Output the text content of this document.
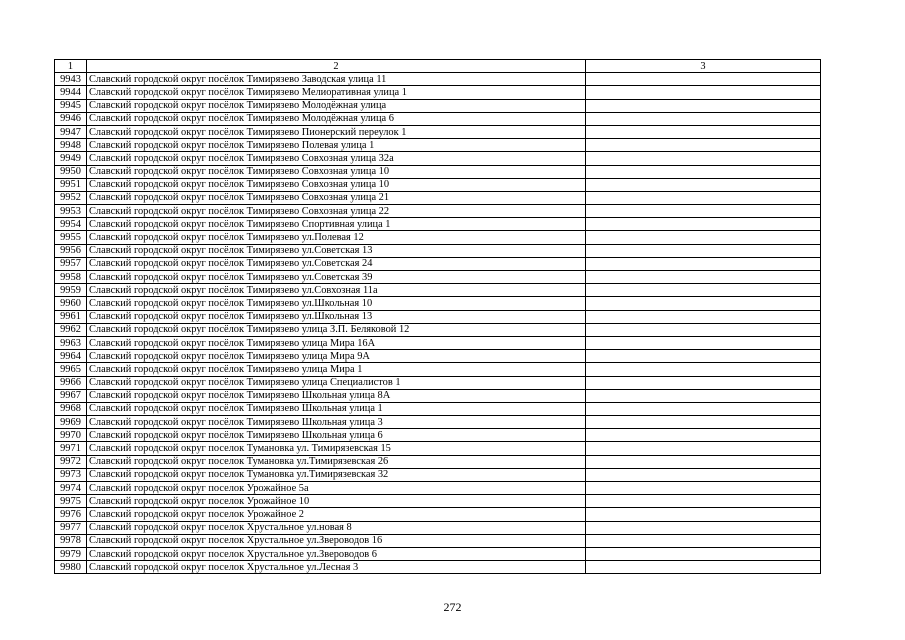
1	2	3
9943	Славский городской округ посёлок Тимирязево Заводская улица 11	
9944	Славский городской округ посёлок Тимирязево Мелиоративная улица 1	
9945	Славский городской округ посёлок Тимирязево Молодёжная улица	
9946	Славский городской округ посёлок Тимирязево Молодёжная улица 6	
9947	Славский городской округ посёлок Тимирязево Пионерский переулок 1	
9948	Славский городской округ посёлок Тимирязево Полевая улица 1	
9949	Славский городской округ посёлок Тимирязево Совхозная улица 32а	
9950	Славский городской округ посёлок Тимирязево Совхозная улица 10	
9951	Славский городской округ посёлок Тимирязево Совхозная улица 10	
9952	Славский городской округ посёлок Тимирязево Совхозная улица 21	
9953	Славский городской округ посёлок Тимирязево Совхозная улица 22	
9954	Славский городской округ посёлок Тимирязево Спортивная улица 1	
9955	Славский городской округ посёлок Тимирязево ул.Полевая 12	
9956	Славский городской округ посёлок Тимирязево ул.Советская 13	
9957	Славский городской округ посёлок Тимирязево ул.Советская 24	
9958	Славский городской округ посёлок Тимирязево ул.Советская 39	
9959	Славский городской округ посёлок Тимирязево ул.Совхозная 11а	
9960	Славский городской округ посёлок Тимирязево ул.Школьная 10	
9961	Славский городской округ посёлок Тимирязево ул.Школьная 13	
9962	Славский городской округ посёлок Тимирязево улица З.П. Беляковой 12	
9963	Славский городской округ посёлок Тимирязево улица Мира 16А	
9964	Славский городской округ посёлок Тимирязево улица Мира 9А	
9965	Славский городской округ посёлок Тимирязево улица Мира 1	
9966	Славский городской округ посёлок Тимирязево улица Специалистов 1	
9967	Славский городской округ посёлок Тимирязево Школьная улица 8А	
9968	Славский городской округ посёлок Тимирязево Школьная улица 1	
9969	Славский городской округ посёлок Тимирязево Школьная улица 3	
9970	Славский городской округ посёлок Тимирязево Школьная улица 6	
9971	Славский городской округ поселок Тумановка ул. Тимирязевская 15	
9972	Славский городской округ поселок Тумановка ул.Тимирязевская 26	
9973	Славский городской округ поселок Тумановка ул.Тимирязевская 32	
9974	Славский городской округ поселок Урожайное 5а	
9975	Славский городской округ поселок Урожайное 10	
9976	Славский городской округ поселок Урожайное 2	
9977	Славский городской округ поселок Хрустальное ул.новая 8	
9978	Славский городской округ поселок Хрустальное ул.Звероводов 16	
9979	Славский городской округ поселок Хрустальное ул.Звероводов 6	
9980	Славский городской округ поселок Хрустальное ул.Лесная 3	
272
